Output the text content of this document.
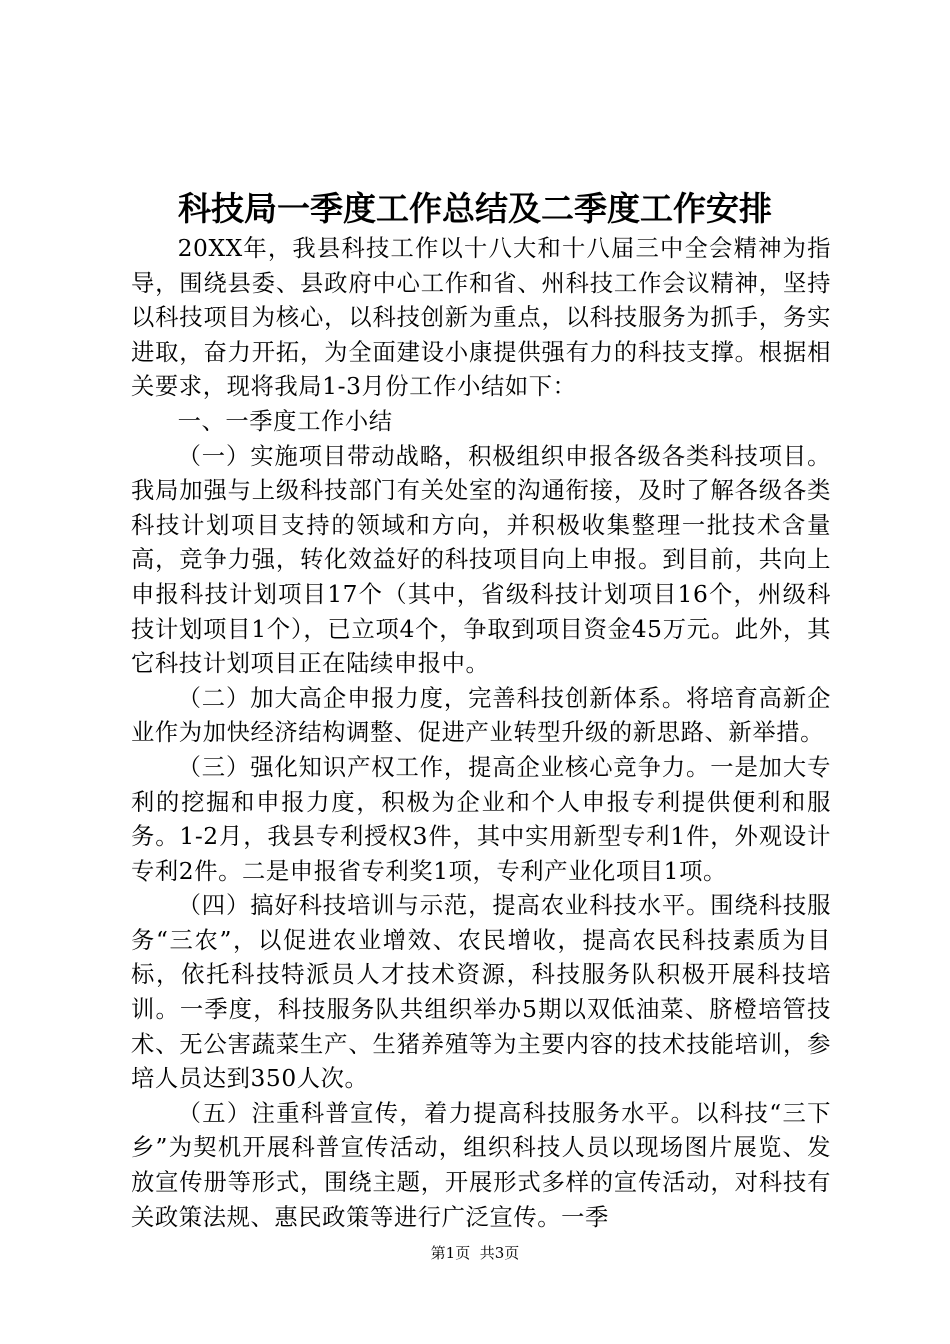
科技局一季度工作总结及二季度工作安排

20XX年，我县科技工作以十八大和十八届三中全会精神为指导，围绕县委、县政府中心工作和省、州科技工作会议精神，坚持以科技项目为核心，以科技创新为重点，以科技服务为抓手，务实进取，奋力开拓，为全面建设小康提供强有力的科技支撑。根据相关要求，现将我局1-3月份工作小结如下：

一、一季度工作小结

（一）实施项目带动战略，积极组织申报各级各类科技项目。我局加强与上级科技部门有关处室的沟通衔接，及时了解各级各类科技计划项目支持的领域和方向，并积极收集整理一批技术含量高，竞争力强，转化效益好的科技项目向上申报。到目前，共向上申报科技计划项目17个（其中，省级科技计划项目16个，州级科技计划项目1个），已立项4个，争取到项目资金45万元。此外，其它科技计划项目正在陆续申报中。

（二）加大高企申报力度，完善科技创新体系。将培育高新企业作为加快经济结构调整、促进产业转型升级的新思路、新举措。

（三）强化知识产权工作，提高企业核心竞争力。一是加大专利的挖掘和申报力度，积极为企业和个人申报专利提供便利和服务。1-2月，我县专利授权3件，其中实用新型专利1件，外观设计专利2件。二是申报省专利奖1项，专利产业化项目1项。

（四）搞好科技培训与示范，提高农业科技水平。围绕科技服务“三农”，以促进农业增效、农民增收，提高农民科技素质为目标，依托科技特派员人才技术资源，科技服务队积极开展科技培训。一季度，科技服务队共组织举办5期以双低油菜、脐橙培管技术、无公害蔬菜生产、生猪养殖等为主要内容的技术技能培训，参培人员达到350人次。

（五）注重科普宣传，着力提高科技服务水平。以科技“三下乡”为契机开展科普宣传活动，组织科技人员以现场图片展览、发放宣传册等形式，围绕主题，开展形式多样的宣传活动，对科技有关政策法规、惠民政策等进行广泛宣传。一季

第1页 共3页
